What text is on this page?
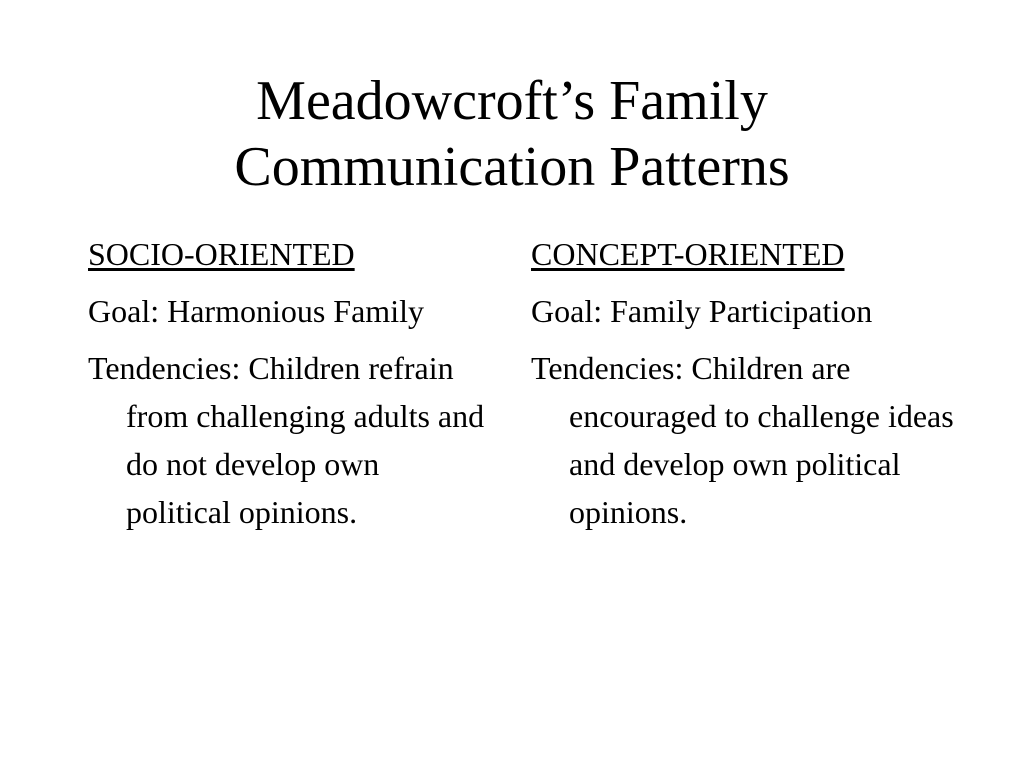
Meadowcroft’s Family
Communication Patterns
SOCIO-ORIENTED
Goal: Harmonious Family
Tendencies: Children refrain from challenging adults and do not develop own political opinions.
CONCEPT-ORIENTED
Goal: Family Participation
Tendencies: Children are encouraged to challenge ideas and develop own political opinions.
